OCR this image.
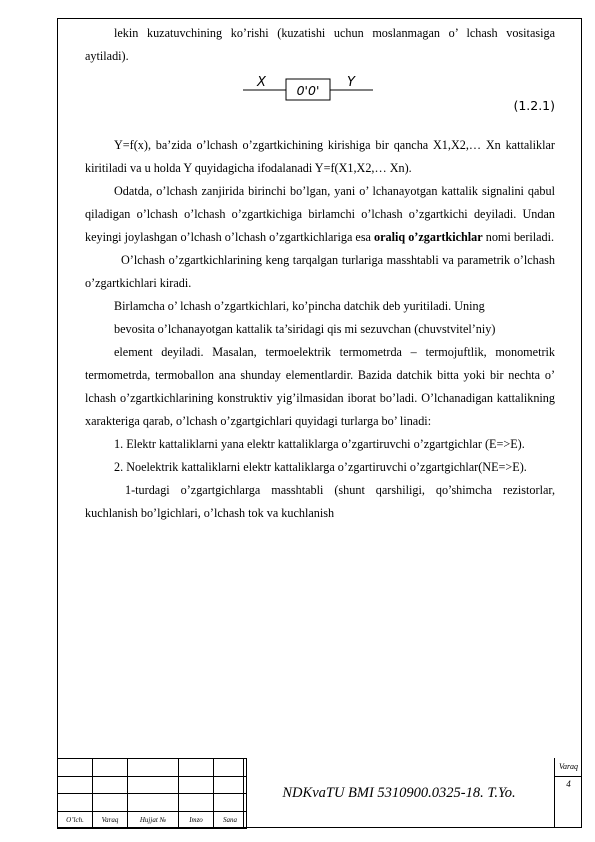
lekin kuzatuvchining ko’rishi (kuzatishi uchun moslanmagan o’ lchash vositasiga aytiladi).

X
0'0'
Y
(1.2.1)

Y=f(x), ba’zida o’lchash o’zgartkichining kirishiga bir qancha X1,X2,… Xn kattaliklar kiritiladi va u holda Y quyidagicha ifodalanadi Y=f(X1,X2,… Xn).

Odatda, o’lchash zanjirida birinchi bo’lgan, yani o’ lchanayotgan kattalik signalini qabul qiladigan o’lchash o’lchash o’zgartkichiga birlamchi o’lchash o’zgartkichi deyiladi. Undan keyingi joylashgan o’lchash o’lchash o’zgartkichlariga esa oraliq o’zgartkichlar nomi beriladi.

O’lchash o’zgartkichlarining keng tarqalgan turlariga masshtabli va parametrik o’lchash o’zgartkichlari kiradi.

Birlamcha o’ lchash o’zgartkichlari, ko’pincha datchik deb yuritiladi. Uning

bevosita o’lchanayotgan kattalik ta’siridagi qis mi sezuvchan (chuvstvitel’niy)

element deyiladi. Masalan, termoelektrik termometrda – termojuftlik, monometrik termometrda, termoballon ana shunday elementlardir. Bazida datchik bitta yoki bir nechta o’ lchash o’zgartkichlarining konstruktiv yig’ilmasidan iborat bo’ladi. O’lchanadigan kattalikning xarakteriga qarab, o’lchash o’zgartgichlari quyidagi turlarga bo’ linadi:

1. Elektr kattaliklarni yana elektr kattaliklarga o’zgartiruvchi o’zgartgichlar (E=>E).

2. Noelektrik kattaliklarni elektr kattaliklarga o’zgartiruvchi o’zgartgichlar(NE=>E).

1-turdagi o’zgartgichlarga masshtabli (shunt qarshiligi, qo’shimcha rezistorlar, kuchlanish bo’lgichlari, o’lchash tok va kuchlanish

O’lch.	Varaq	Hujjat №	Imzo	Sana
NDKvaTU BMI 5310900.0325-18. T.Yo.
Varaq
4
